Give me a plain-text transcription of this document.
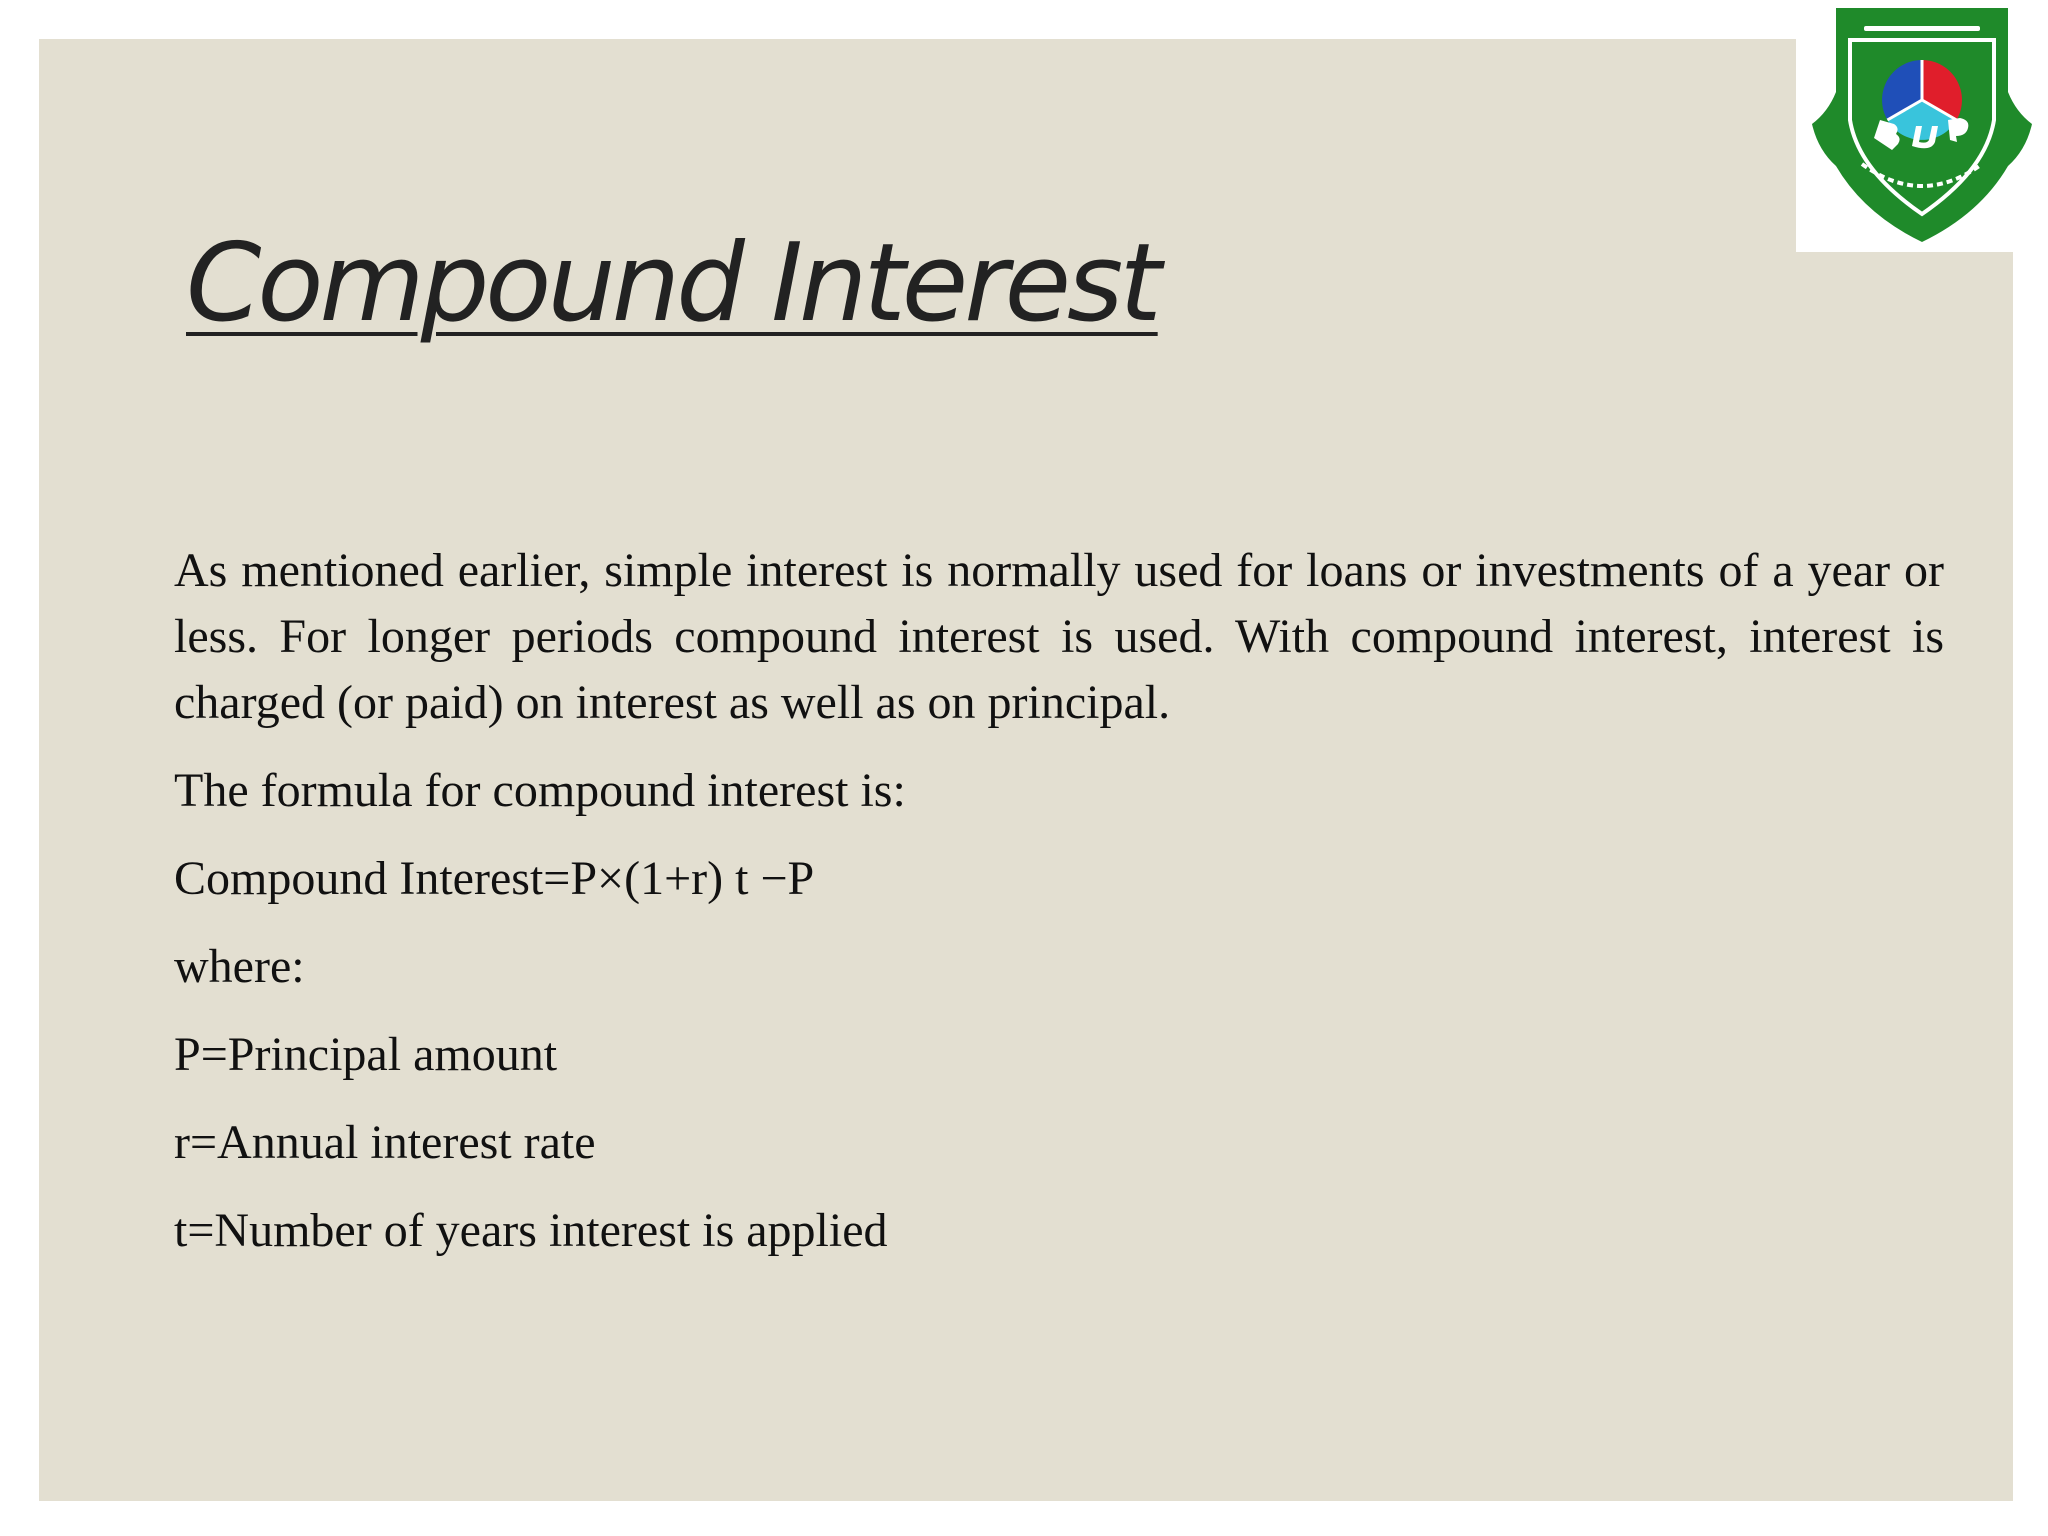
Compound Interest

As mentioned earlier, simple interest is normally used for loans or investments of a year or less. For longer periods compound interest is used. With compound interest, interest is charged (or paid) on interest as well as on principal.

The formula for compound interest is:

Compound Interest=P×(1+r) t −P

where:

P=Principal amount

r=Annual interest rate

t=Number of years interest is applied
